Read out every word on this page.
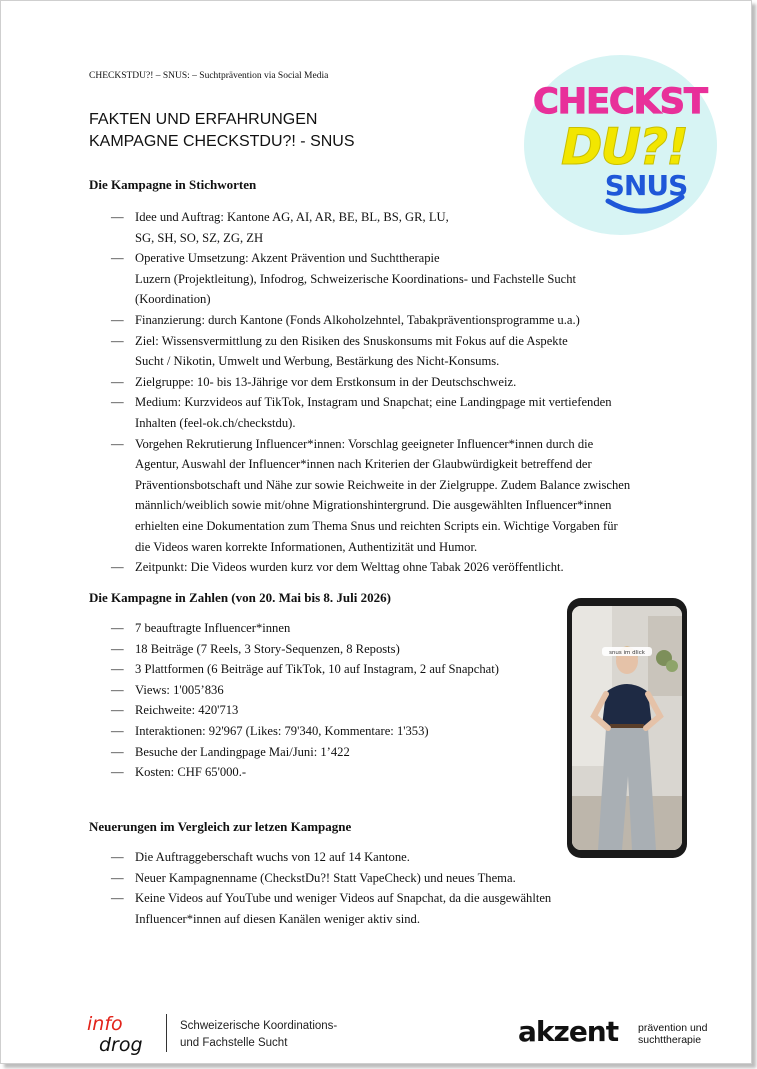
CHECKSTDU?! – SNUS: – Suchtprävention via Social Media
FAKTEN UND ERFAHRUNGEN
KAMPAGNE CHECKSTDU?! - SNUS
CHECKST
DU?!
SNUS
Die Kampagne in Stichworten
— Idee und Auftrag: Kantone AG, AI, AR, BE, BL, BS, GR, LU,
SG, SH, SO, SZ, ZG, ZH
— Operative Umsetzung: Akzent Prävention und Suchttherapie
Luzern (Projektleitung), Infodrog, Schweizerische Koordinations- und Fachstelle Sucht
(Koordination)
— Finanzierung: durch Kantone (Fonds Alkoholzehntel, Tabakpräventionsprogramme u.a.)
— Ziel: Wissensvermittlung zu den Risiken des Snuskonsums mit Fokus auf die Aspekte
Sucht / Nikotin, Umwelt und Werbung, Bestärkung des Nicht-Konsums.
— Zielgruppe: 10- bis 13-Jährige vor dem Erstkonsum in der Deutschschweiz.
— Medium: Kurzvideos auf TikTok, Instagram und Snapchat; eine Landingpage mit vertiefenden
Inhalten (feel-ok.ch/checkstdu).
— Vorgehen Rekrutierung Influencer*innen: Vorschlag geeigneter Influencer*innen durch die
Agentur, Auswahl der Influencer*innen nach Kriterien der Glaubwürdigkeit betreffend der
Präventionsbotschaft und Nähe zur sowie Reichweite in der Zielgruppe. Zudem Balance zwischen
männlich/weiblich sowie mit/ohne Migrationshintergrund. Die ausgewählten Influencer*innen
erhielten eine Dokumentation zum Thema Snus und reichten Scripts ein. Wichtige Vorgaben für
die Videos waren korrekte Informationen, Authentizität und Humor.
— Zeitpunkt: Die Videos wurden kurz vor dem Welttag ohne Tabak 2026 veröffentlicht.
Die Kampagne in Zahlen (von 20. Mai bis 8. Juli 2026)
— 7 beauftragte Influencer*innen
— 18 Beiträge (7 Reels, 3 Story-Sequenzen, 8 Reposts)
— 3 Plattformen (6 Beiträge auf TikTok, 10 auf Instagram, 2 auf Snapchat)
— Views: 1'005’836
— Reichweite: 420'713
— Interaktionen: 92'967 (Likes: 79'340, Kommentare: 1'353)
— Besuche der Landingpage Mai/Juni: 1’422
— Kosten: CHF 65'000.-
snus im dlick
Neuerungen im Vergleich zur letzen Kampagne
— Die Auftraggeberschaft wuchs von 12 auf 14 Kantone.
— Neuer Kampagnenname (CheckstDu?! Statt VapeCheck) und neues Thema.
— Keine Videos auf YouTube und weniger Videos auf Snapchat, da die ausgewählten
Influencer*innen auf diesen Kanälen weniger aktiv sind.
info
drog
Schweizerische Koordinations-
und Fachstelle Sucht	akzent prävention und
suchttherapie
